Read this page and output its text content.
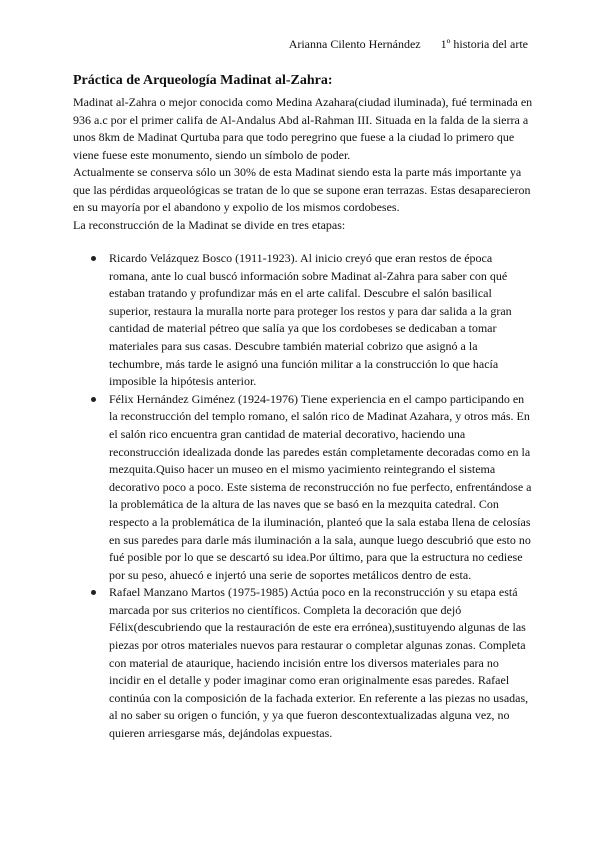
Arianna Cilento Hernández 1º historia del arte
Práctica de Arqueología Madinat al-Zahra:

Madinat al-Zahra o mejor conocida como Medina Azahara(ciudad iluminada), fué terminada en 936 a.c por el primer califa de Al-Andalus Abd al-Rahman III. Situada en la falda de la sierra a unos 8km de Madinat Qurtuba para que todo peregrino que fuese a la ciudad lo primero que viene fuese este monumento, siendo un símbolo de poder.

Actualmente se conserva sólo un 30% de esta Madinat siendo esta la parte más importante ya que las pérdidas arqueológicas se tratan de lo que se supone eran terrazas. Estas desaparecieron en su mayoría por el abandono y expolio de los mismos cordobeses.

La reconstrucción de la Madinat se divide en tres etapas:

Ricardo Velázquez Bosco (1911-1923). Al inicio creyó que eran restos de época romana, ante lo cual buscó información sobre Madinat al-Zahra para saber con qué estaban tratando y profundizar más en el arte califal. Descubre el salón basilical superior, restaura la muralla norte para proteger los restos y para dar salida a la gran cantidad de material pétreo que salía ya que los cordobeses se dedicaban a tomar materiales para sus casas. Descubre también material cobrizo que asignó a la techumbre, más tarde le asignó una función militar a la construcción lo que hacía imposible la hipótesis anterior.

Félix Hernández Giménez (1924-1976) Tiene experiencia en el campo participando en la reconstrucción del templo romano, el salón rico de Madinat Azahara, y otros más. En el salón rico encuentra gran cantidad de material decorativo, haciendo una reconstrucción idealizada donde las paredes están completamente decoradas como en la mezquita.Quiso hacer un museo en el mismo yacimiento reintegrando el sistema decorativo poco a poco. Este sistema de reconstrucción no fue perfecto, enfrentándose a la problemática de la altura de las naves que se basó en la mezquita catedral. Con respecto a la problemática de la iluminación, planteó que la sala estaba llena de celosías en sus paredes para darle más iluminación a la sala, aunque luego descubrió que esto no fué posible por lo que se descartó su idea.Por último, para que la estructura no cediese por su peso, ahuecó e injertó una serie de soportes metálicos dentro de esta.

Rafael Manzano Martos (1975-1985) Actúa poco en la reconstrucción y su etapa está marcada por sus criterios no científicos. Completa la decoración que dejó Félix(descubriendo que la restauración de este era errónea),sustituyendo algunas de las piezas por otros materiales nuevos para restaurar o completar algunas zonas. Completa con material de ataurique, haciendo incisión entre los diversos materiales para no incidir en el detalle y poder imaginar como eran originalmente esas paredes. Rafael continúa con la composición de la fachada exterior. En referente a las piezas no usadas, al no saber su origen o función, y ya que fueron descontextualizadas alguna vez, no quieren arriesgarse más, dejándolas expuestas.
